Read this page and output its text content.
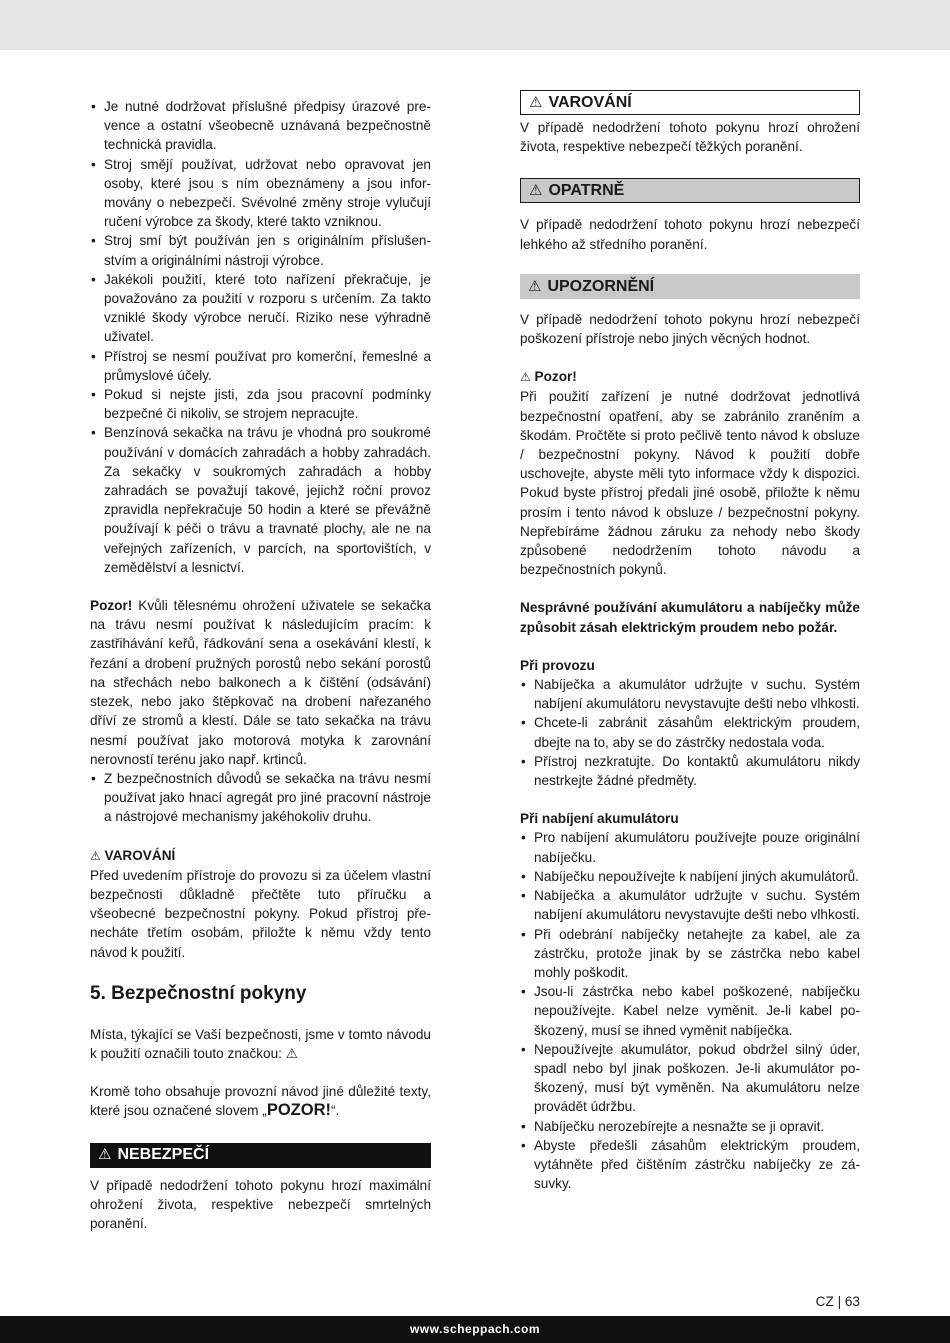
• Je nutné dodržovat příslušné předpisy úrazové prevence a ostatní všeobecně uznávaná bezpečnostně technická pravidla.
• Stroj smějí používat, udržovat nebo opravovat jen osoby, které jsou s ním obeznámeny a jsou informovány o nebezpečí. Svévolné změny stroje vylučují ručení výrobce za škody, které takto vzniknou.
• Stroj smí být používán jen s originálním příslušenstvím a originálními nástroji výrobce.
• Jakékoli použití, které toto nařízení překračuje, je považováno za použití v rozporu s určením. Za takto vzniklé škody výrobce neručí. Riziko nese výhradně uživatel.
• Přístroj se nesmí používat pro komerční, řemeslné a průmyslové účely.
• Pokud si nejste jisti, zda jsou pracovní podmínky bezpečné či nikoliv, se strojem nepracujte.
• Benzínová sekačka na trávu je vhodná pro soukromé používání v domácích zahradách a hobby zahradách. Za sekačky v soukromých zahradách a hobby zahradách se považují takové, jejichž roční provoz zpravidla nepřekračuje 50 hodin a které se převážně používají k péči o trávu a travnaté plochy, ale ne na veřejných zařízeních, v parcích, na sportovištích, v zemědělství a lesnictví.

Pozor! Kvůli tělesnému ohrožení uživatele se sekačka na trávu nesmí používat k následujícím pracím: k zastřihávání keřů, řádkování sena a osekávání klestí, k řezání a drobení pružných porostů nebo sekání porostů na střechách nebo balkonech a k čištění (odsávání) stezek, nebo jako štěpkovač na drobení nařezaného dříví ze stromů a klestí. Dále se tato sekačka na trávu nesmí používat jako motorová motyka k zarovnání nerovností terénu jako např. krtinců.

• Z bezpečnostních důvodů se sekačka na trávu nesmí používat jako hnací agregát pro jiné pracovní nástroje a nástrojové mechanismy jakéhokoliv druhu.

⚠ VAROVÁNÍ

Před uvedením přístroje do provozu si za účelem vlastní bezpečnosti důkladně přečtěte tuto příručku a všeobecné bezpečnostní pokyny. Pokud přístroj přenecháte třetím osobám, přiložte k němu vždy tento návod k použití.

5. Bezpečnostní pokyny

Místa, týkající se Vaší bezpečnosti, jsme v tomto návodu k použití označili touto značkou: ⚠

Kromě toho obsahuje provozní návod jiné důležité texty, které jsou označené slovem „POZOR!“.

⚠ NEBEZPEČÍ

V případě nedodržení tohoto pokynu hrozí maximální ohrožení života, respektive nebezpečí smrtelných poranění.

⚠ VAROVÁNÍ

V případě nedodržení tohoto pokynu hrozí ohrožení života, respektive nebezpečí těžkých poranění.

⚠ OPATRNĚ

V případě nedodržení tohoto pokynu hrozí nebezpečí lehkého až středního poranění.

⚠ UPOZORNĚNÍ

V případě nedodržení tohoto pokynu hrozí nebezpečí poškození přístroje nebo jiných věcných hodnot.

⚠ Pozor!

Při použití zařízení je nutné dodržovat jednotlivá bezpečnostní opatření, aby se zabránilo zraněním a škodám. Pročtěte si proto pečlivě tento návod k obsluze / bezpečnostní pokyny. Návod k použití dobře uschovejte, abyste měli tyto informace vždy k dispozici. Pokud byste přístroj předali jiné osobě, přiložte k němu prosím i tento návod k obsluze / bezpečnostní pokyny. Nepřebíráme žádnou záruku za nehody nebo škody způsobené nedodržením tohoto návodu a bezpečnostních pokynů.

Nesprávné používání akumulátoru a nabíječky může způsobit zásah elektrickým proudem nebo požár.

Při provozu

• Nabíječka a akumulátor udržujte v suchu. Systém nabíjení akumulátoru nevystavujte dešti nebo vlhkosti.
• Chcete-li zabránit zásahům elektrickým proudem, dbejte na to, aby se do zástrčky nedostala voda.
• Přístroj nezkratujte. Do kontaktů akumulátoru nikdy nestrkejte žádné předměty.

Při nabíjení akumulátoru

• Pro nabíjení akumulátoru používejte pouze originální nabíječku.
• Nabíječku nepoužívejte k nabíjení jiných akumulátorů.
• Nabíječka a akumulátor udržujte v suchu. Systém nabíjení akumulátoru nevystavujte dešti nebo vlhkosti.
• Při odebrání nabíječky netahejte za kabel, ale za zástrčku, protože jinak by se zástrčka nebo kabel mohly poškodit.
• Jsou-li zástrčka nebo kabel poškozené, nabíječku nepoužívejte. Kabel nelze vyměnit. Je-li kabel poškozený, musí se ihned vyměnit nabíječka.
• Nepoužívejte akumulátor, pokud obdržel silný úder, spadl nebo byl jinak poškozen. Je-li akumulátor poškozený, musí být vyměněn. Na akumulátoru nelze provádět údržbu.
• Nabíječku nerozebírejte a nesnažte se ji opravit.
• Abyste předešli zásahům elektrickým proudem, vytáhněte před čištěním zástrčku nabíječky ze zásuvky.
CZ | 63
www.scheppach.com
